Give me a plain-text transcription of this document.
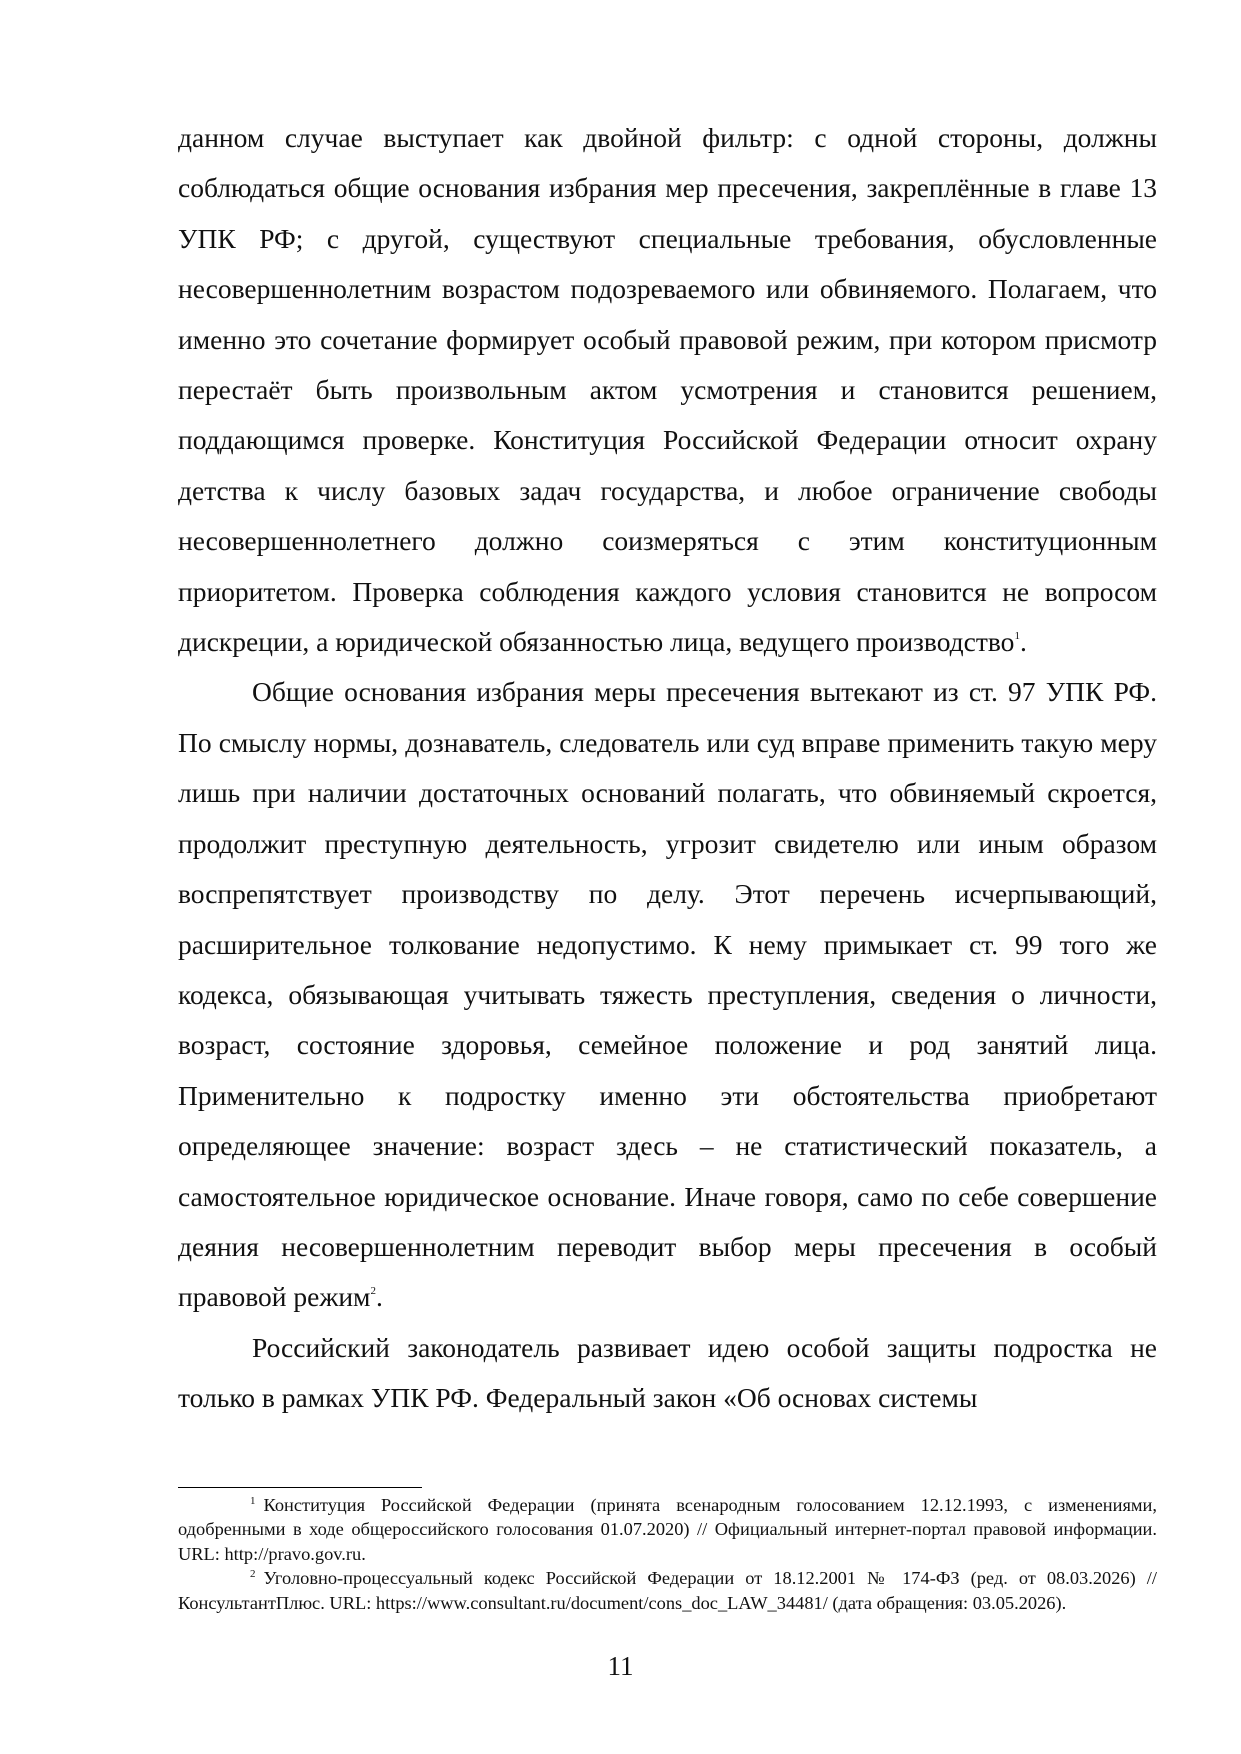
данном случае выступает как двойной фильтр: с одной стороны, должны соблюдаться общие основания избрания мер пресечения, закреплённые в главе 13 УПК РФ; с другой, существуют специальные требования, обусловленные несовершеннолетним возрастом подозреваемого или обвиняемого. Полагаем, что именно это сочетание формирует особый правовой режим, при котором присмотр перестаёт быть произвольным актом усмотрения и становится решением, поддающимся проверке. Конституция Российской Федерации относит охрану детства к числу базовых задач государства, и любое ограничение свободы несовершеннолетнего должно соизмеряться с этим конституционным приоритетом. Проверка соблюдения каждого условия становится не вопросом дискреции, а юридической обязанностью лица, ведущего производство$^1$.

Общие основания избрания меры пресечения вытекают из ст. 97 УПК РФ. По смыслу нормы, дознаватель, следователь или суд вправе применить такую меру лишь при наличии достаточных оснований полагать, что обвиняемый скроется, продолжит преступную деятельность, угрозит свидетелю или иным образом воспрепятствует производству по делу. Этот перечень исчерпывающий, расширительное толкование недопустимо. К нему примыкает ст. 99 того же кодекса, обязывающая учитывать тяжесть преступления, сведения о личности, возраст, состояние здоровья, семейное положение и род занятий лица. Применительно к подростку именно эти обстоятельства приобретают определяющее значение: возраст здесь – не статистический показатель, а самостоятельное юридическое основание. Иначе говоря, само по себе совершение деяния несовершеннолетним переводит выбор меры пресечения в особый правовой режим$^2$.

Российский законодатель развивает идею особой защиты подростка не только в рамках УПК РФ. Федеральный закон «Об основах системы

$^1$ Конституция Российской Федерации (принята всенародным голосованием 12.12.1993, с изменениями, одобренными в ходе общероссийского голосования 01.07.2020) // Официальный интернет-портал правовой информации. URL: http://pravo.gov.ru.

$^2$ Уголовно-процессуальный кодекс Российской Федерации от 18.12.2001 № 174-ФЗ (ред. от 08.03.2026) // КонсультантПлюс. URL: https://www.consultant.ru/document/cons_doc_LAW_34481/ (дата обращения: 03.05.2026).

11
